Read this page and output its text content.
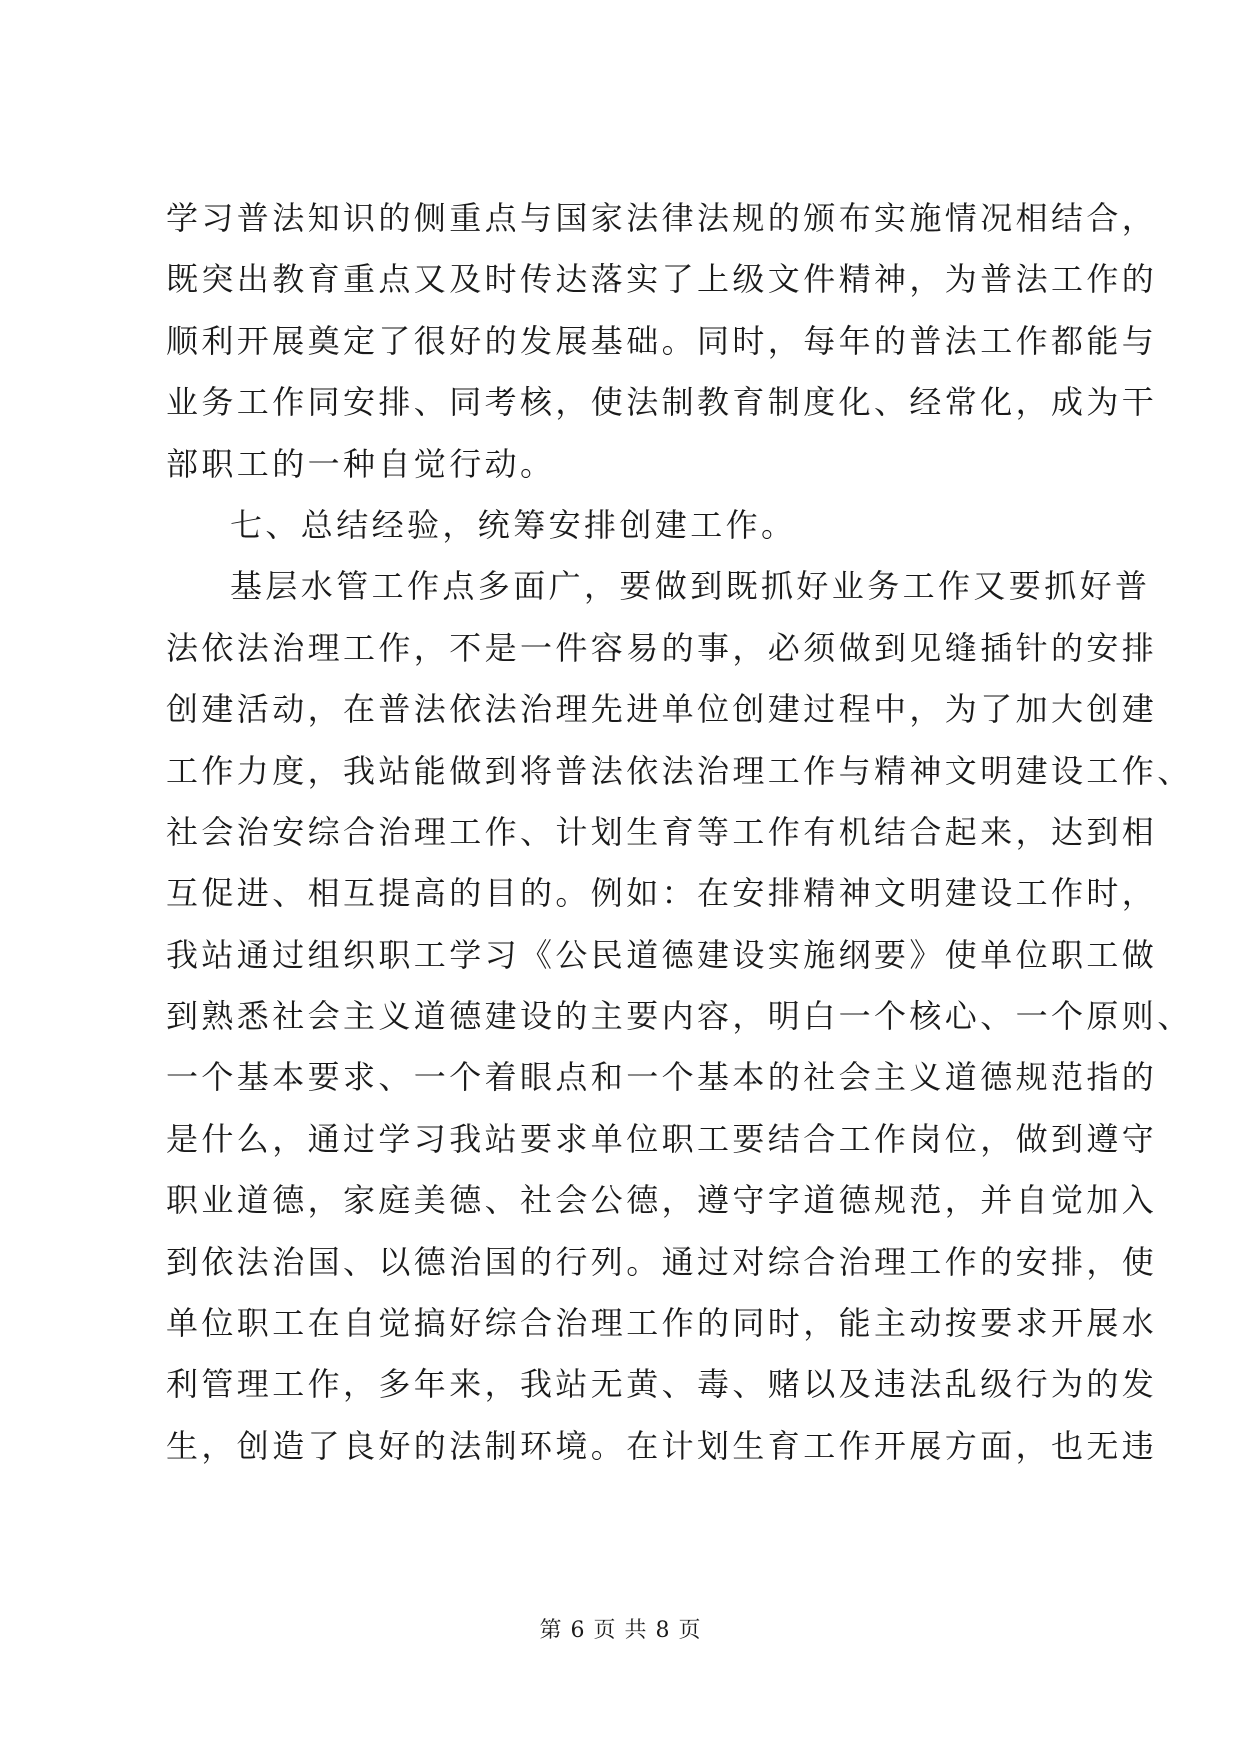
学习普法知识的侧重点与国家法律法规的颁布实施情况相结合，
既突出教育重点又及时传达落实了上级文件精神，为普法工作的
顺利开展奠定了很好的发展基础。同时，每年的普法工作都能与
业务工作同安排、同考核，使法制教育制度化、经常化，成为干
部职工的一种自觉行动。
七、总结经验，统筹安排创建工作。
基层水管工作点多面广，要做到既抓好业务工作又要抓好普
法依法治理工作，不是一件容易的事，必须做到见缝插针的安排
创建活动，在普法依法治理先进单位创建过程中，为了加大创建
工作力度，我站能做到将普法依法治理工作与精神文明建设工作、
社会治安综合治理工作、计划生育等工作有机结合起来，达到相
互促进、相互提高的目的。例如：在安排精神文明建设工作时，
我站通过组织职工学习《公民道德建设实施纲要》使单位职工做
到熟悉社会主义道德建设的主要内容，明白一个核心、一个原则、
一个基本要求、一个着眼点和一个基本的社会主义道德规范指的
是什么，通过学习我站要求单位职工要结合工作岗位，做到遵守
职业道德，家庭美德、社会公德，遵守字道德规范，并自觉加入
到依法治国、以德治国的行列。通过对综合治理工作的安排，使
单位职工在自觉搞好综合治理工作的同时，能主动按要求开展水
利管理工作，多年来，我站无黄、毒、赌以及违法乱级行为的发
生，创造了良好的法制环境。在计划生育工作开展方面，也无违
第 6 页 共 8 页
